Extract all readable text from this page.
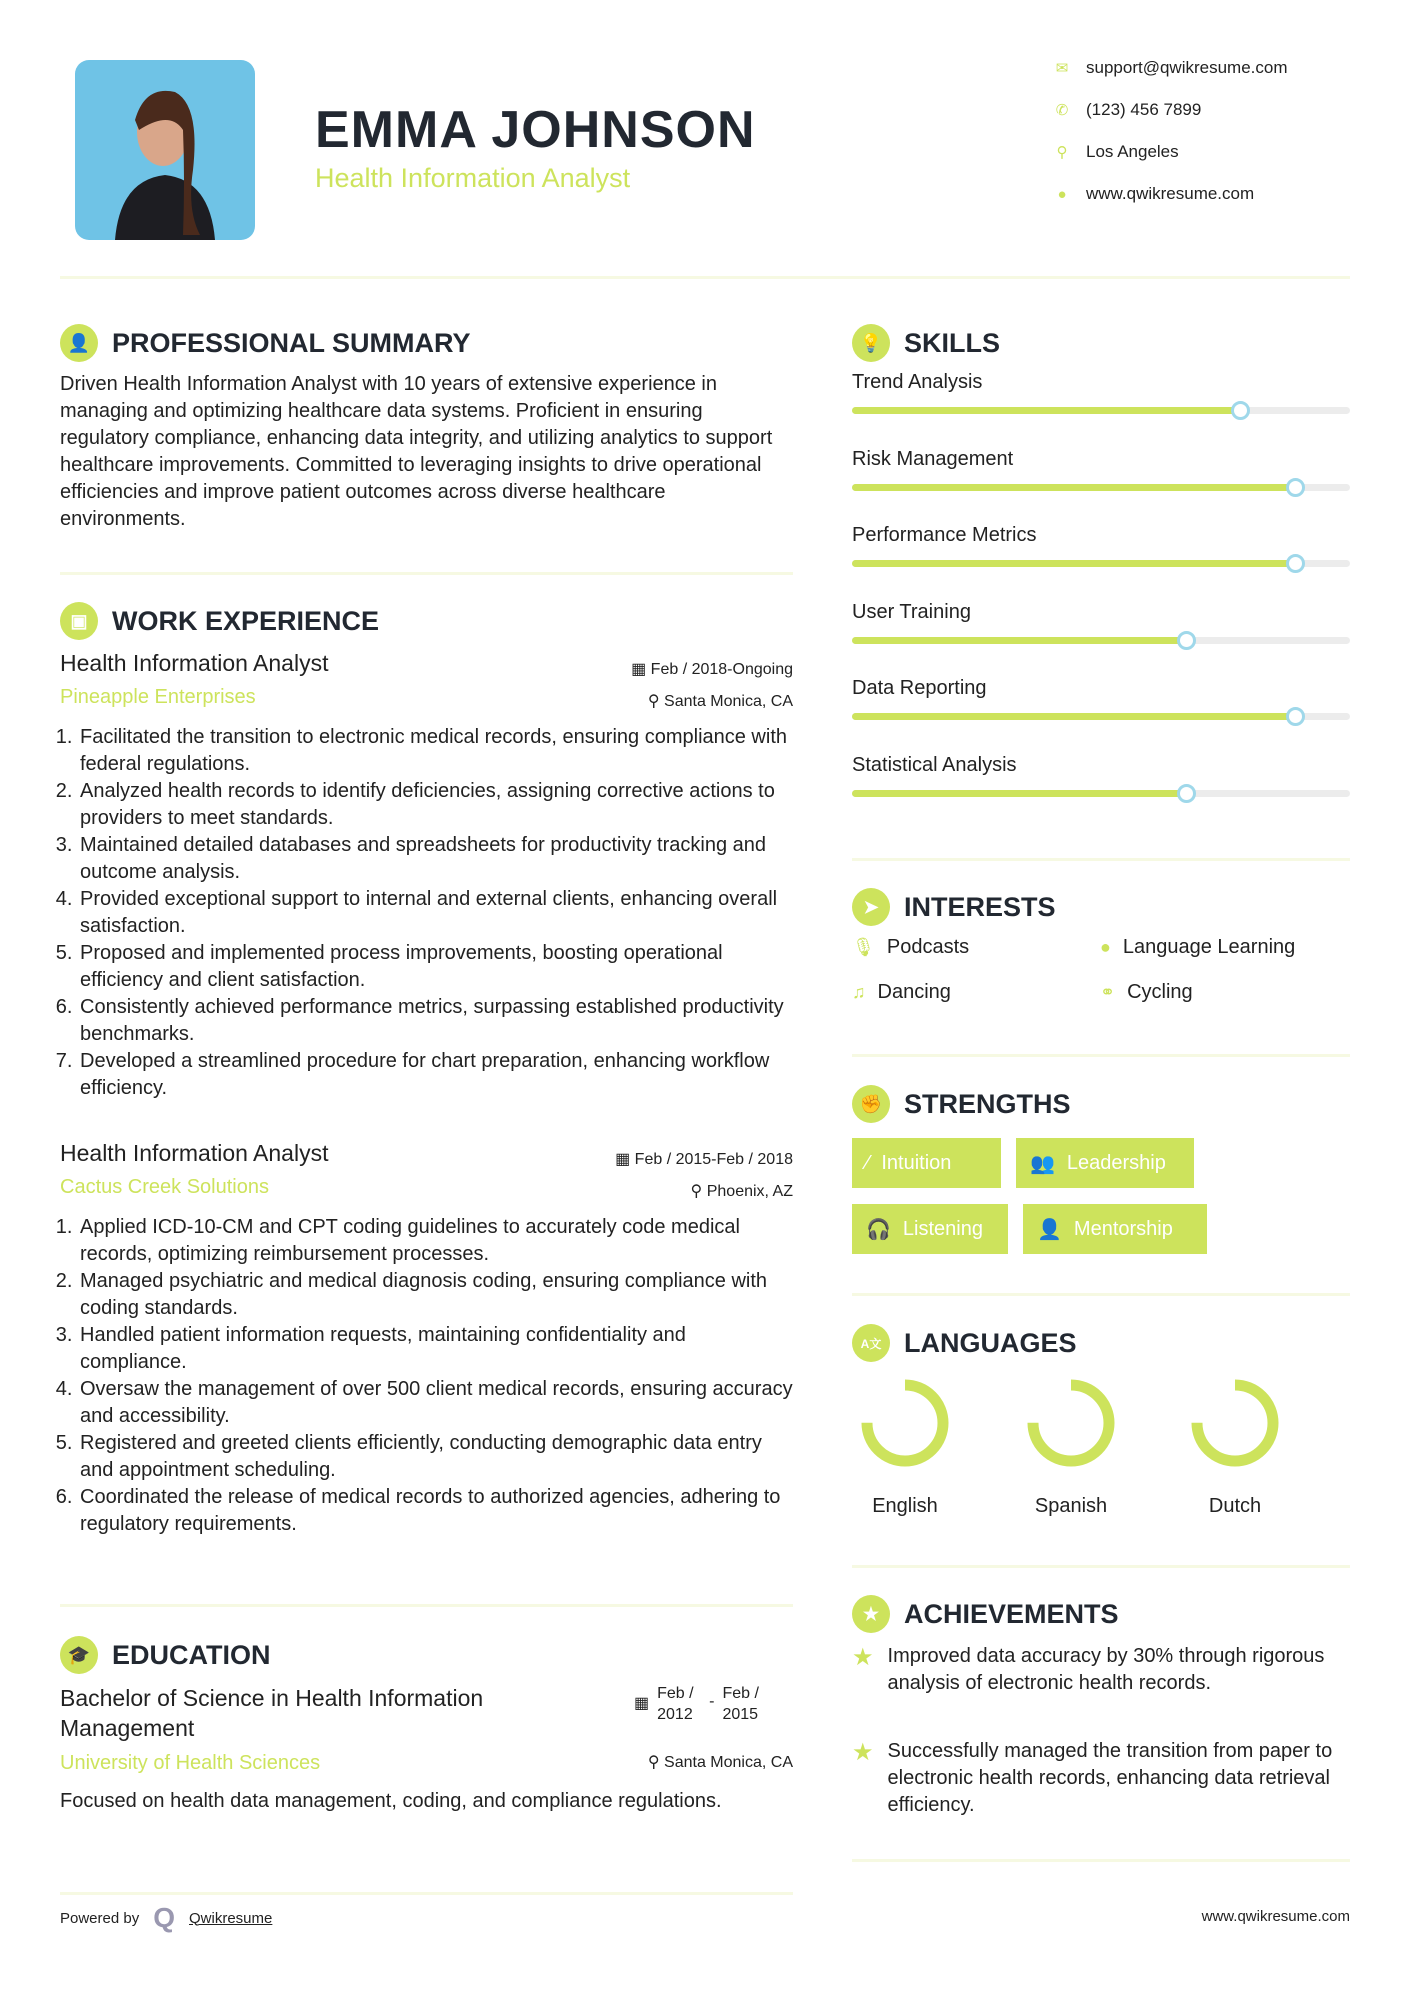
EMMA JOHNSON
Health Information Analyst
✉ support@qwikresume.com
✆ (123) 456 7899
⚲ Los Angeles
●	www.qwikresume.com
👤 PROFESSIONAL SUMMARY
Driven Health Information Analyst with 10 years of extensive experience in managing and optimizing healthcare data systems. Proficient in ensuring regulatory compliance, enhancing data integrity, and utilizing analytics to support healthcare improvements. Committed to leveraging insights to drive operational efficiencies and improve patient outcomes across diverse healthcare environments.
▣ WORK EXPERIENCE
Health Information Analyst	▦ Feb / 2018-Ongoing
Pineapple Enterprises	⚲ Santa Monica, CA
1. Facilitated the transition to electronic medical records, ensuring compliance with federal regulations.
2. Analyzed health records to identify deficiencies, assigning corrective actions to providers to meet standards.
3. Maintained detailed databases and spreadsheets for productivity tracking and outcome analysis.
4. Provided exceptional support to internal and external clients, enhancing overall satisfaction.
5. Proposed and implemented process improvements, boosting operational efficiency and client satisfaction.
6. Consistently achieved performance metrics, surpassing established productivity benchmarks.
7. Developed a streamlined procedure for chart preparation, enhancing workflow efficiency.
Health Information Analyst	▦ Feb / 2015-Feb / 2018
Cactus Creek Solutions	⚲ Phoenix, AZ
1. Applied ICD-10-CM and CPT coding guidelines to accurately code medical records, optimizing reimbursement processes.
2. Managed psychiatric and medical diagnosis coding, ensuring compliance with coding standards.
3. Handled patient information requests, maintaining confidentiality and compliance.
4. Oversaw the management of over 500 client medical records, ensuring accuracy and accessibility.
5. Registered and greeted clients efficiently, conducting demographic data entry and appointment scheduling.
6. Coordinated the release of medical records to authorized agencies, adhering to regulatory requirements.
🎓 EDUCATION
Bachelor of Science in Health Information Management
▦
Feb / 2012
- Feb / 2015
University of Health Sciences	⚲ Santa Monica, CA
Focused on health data management, coding, and compliance regulations.
Powered by Q Qwikresume	www.qwikresume.com
💡 SKILLS
Trend Analysis
Risk Management
Performance Metrics
User Training
Data Reporting
Statistical Analysis
➤ INTERESTS
🎙 Podcasts	● Language Learning
♫ Dancing	⚭ Cycling
✊ STRENGTHS
⁄ Intuition	👥 Leadership
🎧 Listening	👤 Mentorship
A文 LANGUAGES
English	Spanish	Dutch
★ ACHIEVEMENTS
★ Improved data accuracy by 30% through rigorous analysis of electronic health records.
★ Successfully managed the transition from paper to electronic health records, enhancing data retrieval efficiency.
